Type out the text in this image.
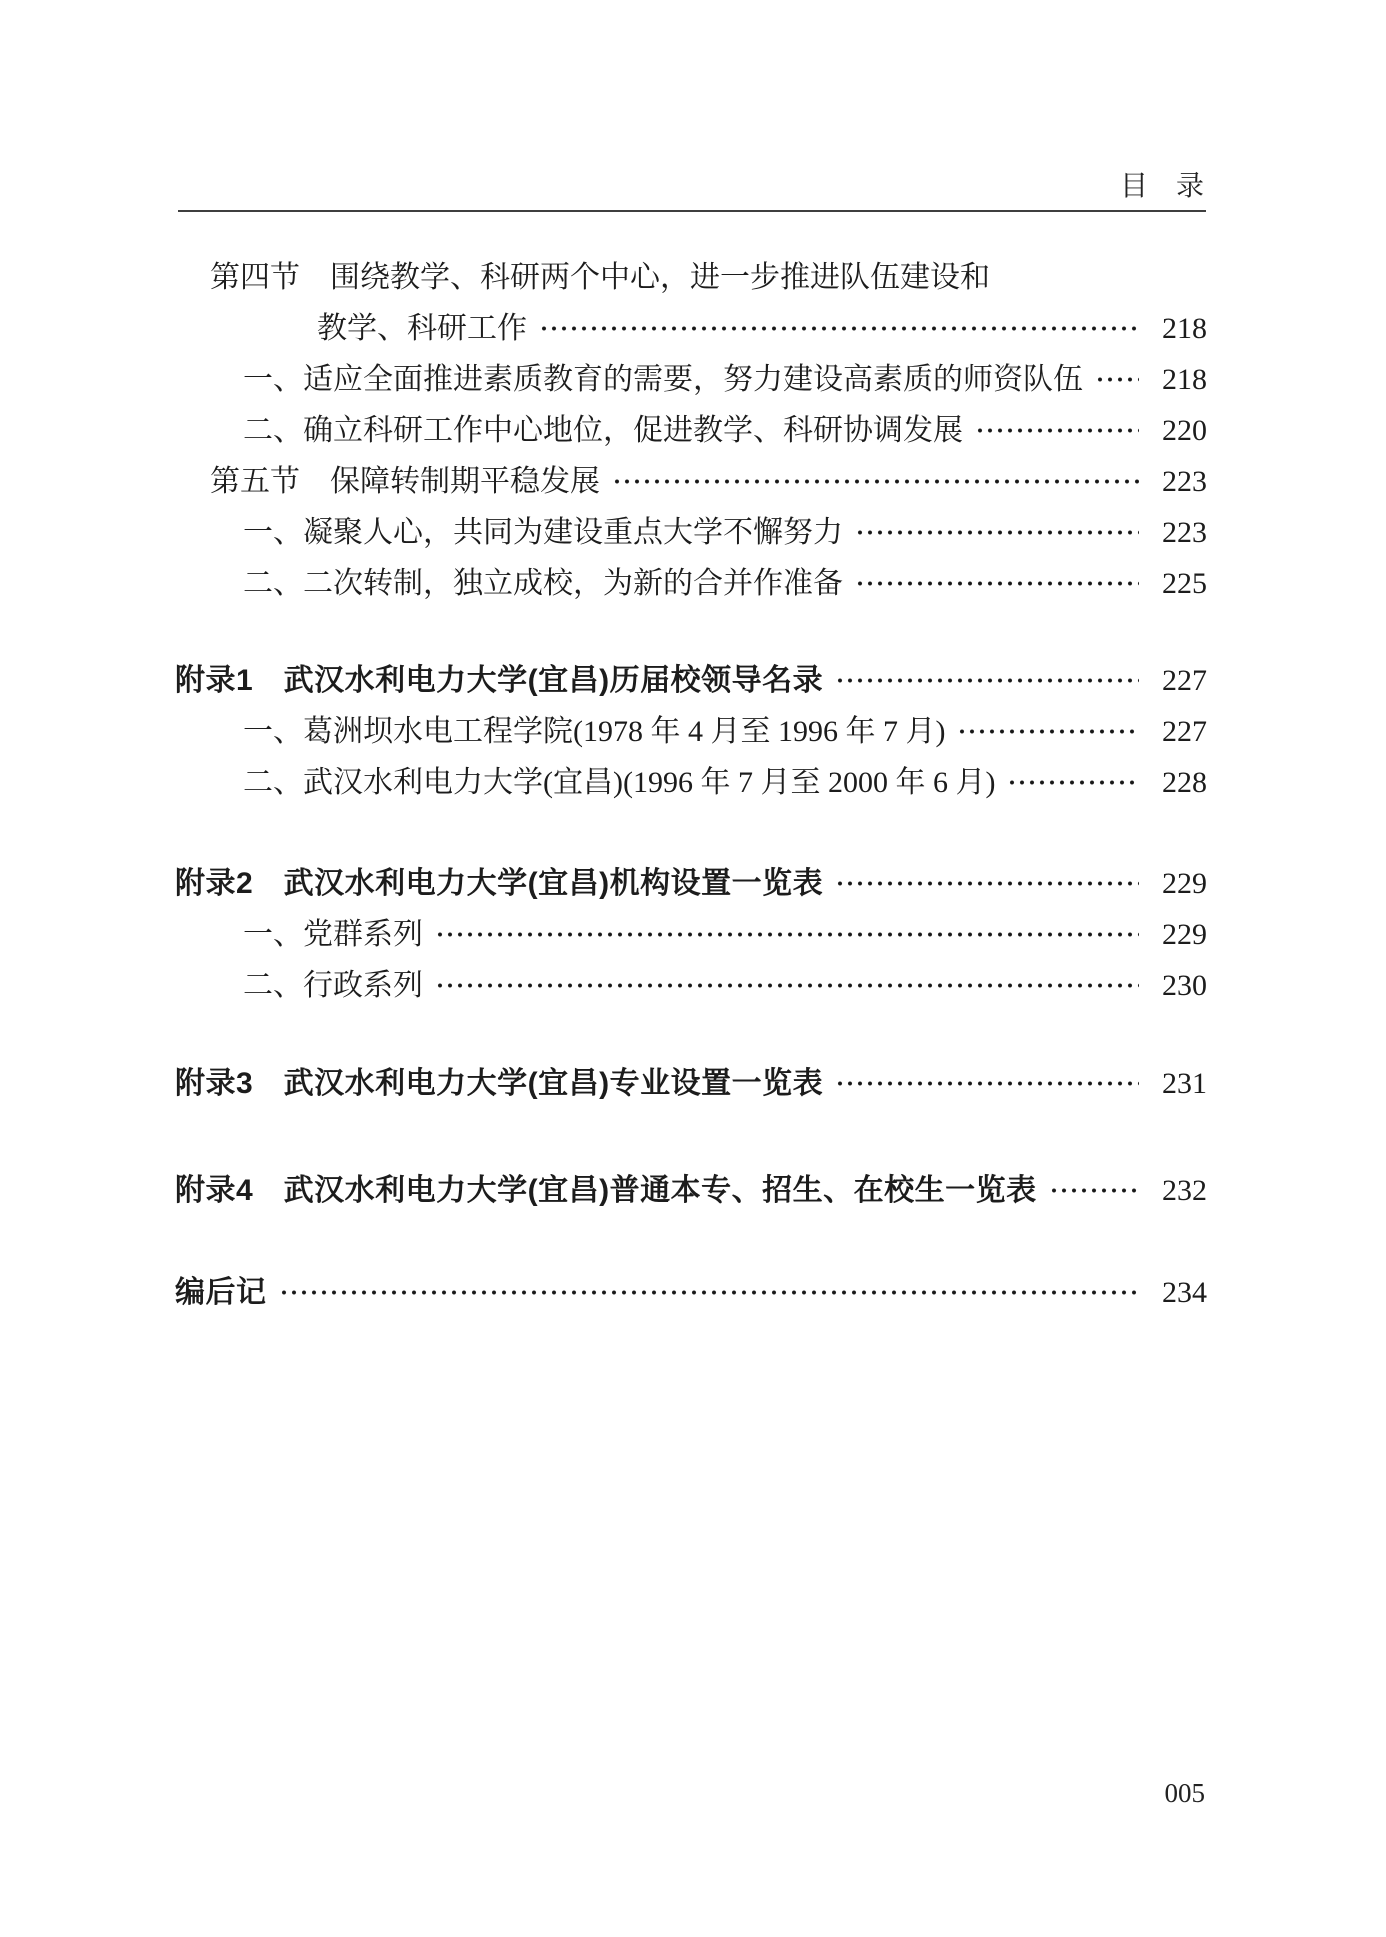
目　录
第四节　围绕教学、科研两个中心，进一步推进队伍建设和
教学、科研工作	218
一、适应全面推进素质教育的需要，努力建设高素质的师资队伍	218
二、确立科研工作中心地位，促进教学、科研协调发展	220
第五节　保障转制期平稳发展	223
一、凝聚人心，共同为建设重点大学不懈努力	223
二、二次转制，独立成校，为新的合并作准备	225
附录1　武汉水利电力大学(宜昌)历届校领导名录	227
一、葛洲坝水电工程学院(1978 年 4 月至 1996 年 7 月)	227
二、武汉水利电力大学(宜昌)(1996 年 7 月至 2000 年 6 月)	228
附录2　武汉水利电力大学(宜昌)机构设置一览表	229
一、党群系列	229
二、行政系列	230
附录3　武汉水利电力大学(宜昌)专业设置一览表	231
附录4　武汉水利电力大学(宜昌)普通本专、招生、在校生一览表	232
编后记	234
005
